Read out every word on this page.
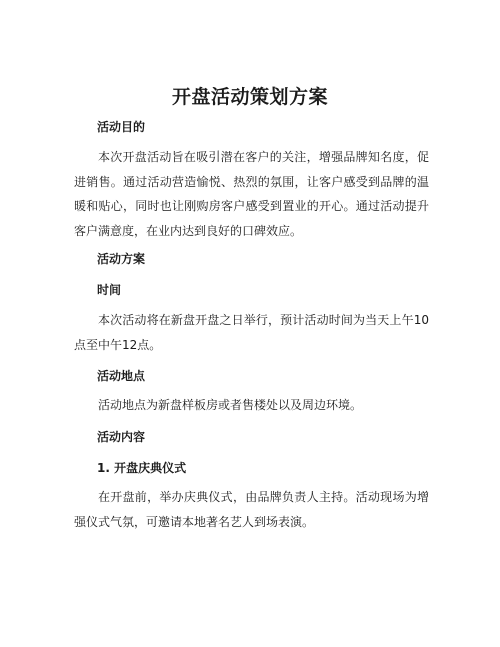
开盘活动策划方案
活动目的

本次开盘活动旨在吸引潜在客户的关注，增强品牌知名度，促进销售。通过活动营造愉悦、热烈的氛围，让客户感受到品牌的温暖和贴心，同时也让刚购房客户感受到置业的开心。通过活动提升客户满意度，在业内达到良好的口碑效应。

活动方案
时间

本次活动将在新盘开盘之日举行，预计活动时间为当天上午10点至中午12点。

活动地点

活动地点为新盘样板房或者售楼处以及周边环境。

活动内容
1. 开盘庆典仪式

在开盘前，举办庆典仪式，由品牌负责人主持。活动现场为增强仪式气氛，可邀请本地著名艺人到场表演。
